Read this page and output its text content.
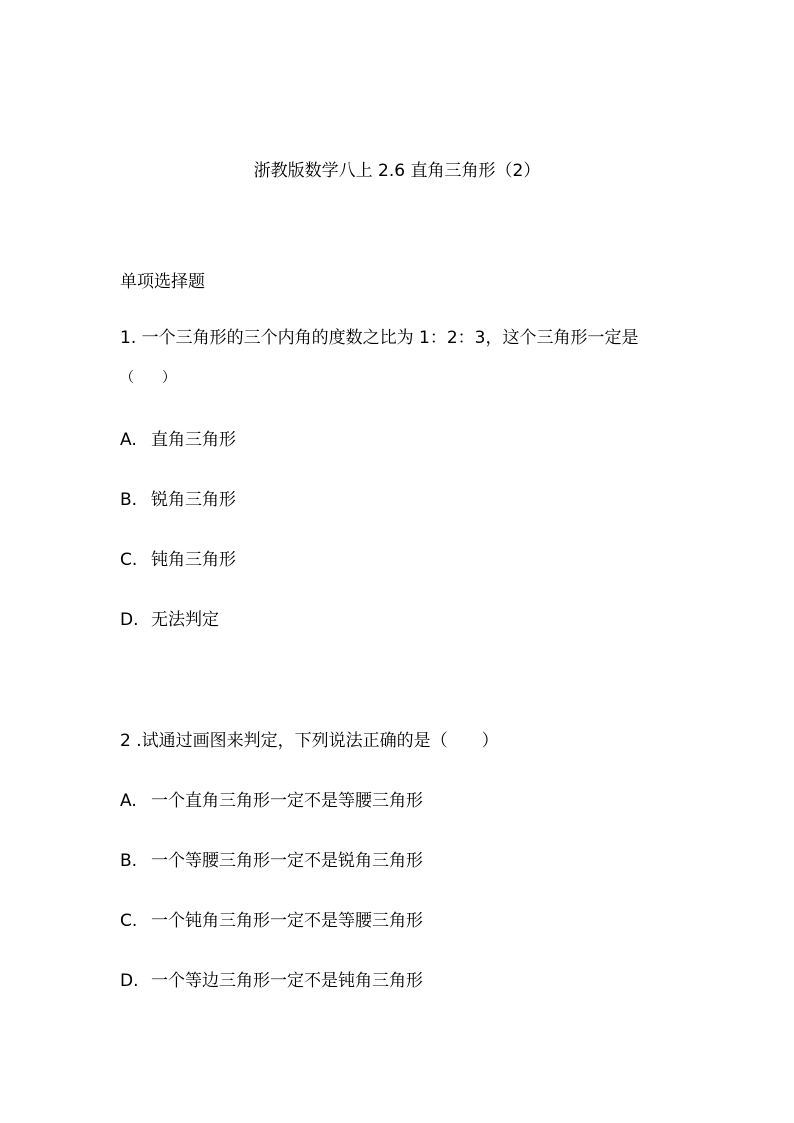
浙教版数学八上 2.6 直角三角形（2）
单项选择题
1. 一个三角形的三个内角的度数之比为 1：2：3，这个三角形一定是
（　　）
A. 直角三角形
B. 锐角三角形
C. 钝角三角形
D. 无法判定
2 .试通过画图来判定，下列说法正确的是（　　）
A. 一个直角三角形一定不是等腰三角形
B. 一个等腰三角形一定不是锐角三角形
C. 一个钝角三角形一定不是等腰三角形
D. 一个等边三角形一定不是钝角三角形
